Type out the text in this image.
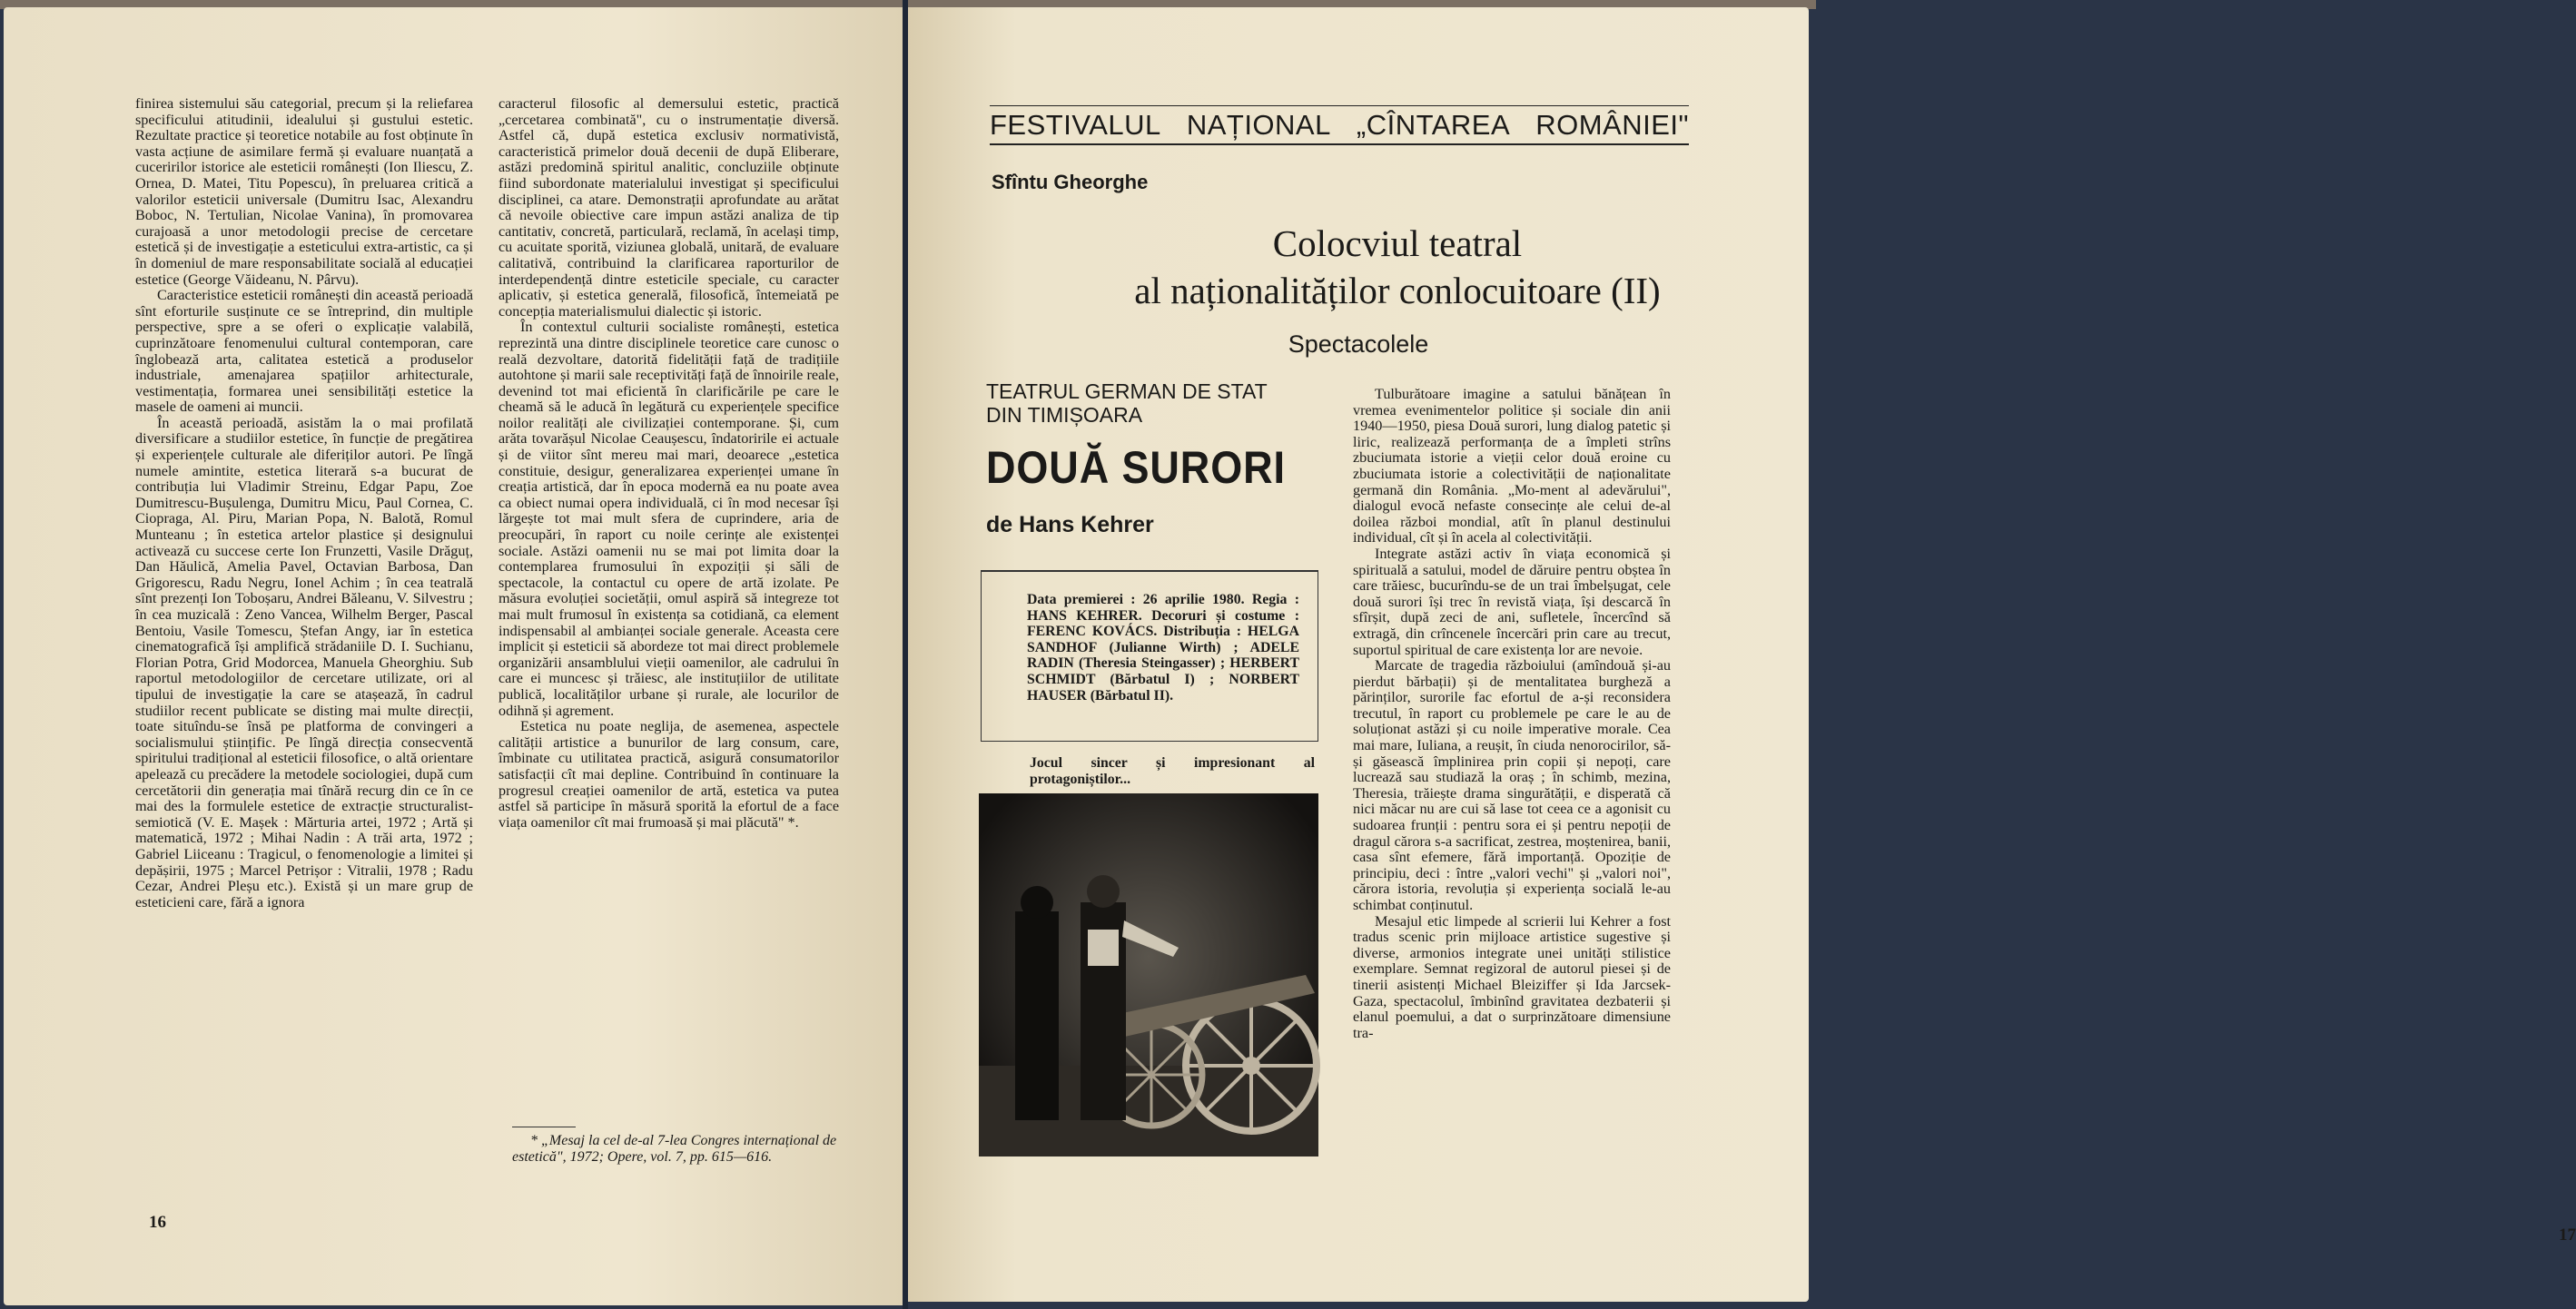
finirea sistemului său categorial, precum și la reliefarea specificului atitudinii, idealului și gustului estetic. Rezultate practice și teoretice notabile au fost obținute în vasta acțiune de asimilare fermă și evaluare nuanțată a cuceririlor istorice ale esteticii românești (Ion Iliescu, Z. Ornea, D. Matei, Titu Popescu), în preluarea critică a valorilor esteticii universale (Dumitru Isac, Alexandru Boboc, N. Tertulian, Nicolae Vanina), în promovarea curajoasă a unor metodologii precise de cercetare estetică și de investigație a esteticului extra-artistic, ca și în domeniul de mare responsabilitate socială al educației estetice (George Văideanu, N. Pârvu).

Caracteristice esteticii românești din această perioadă sînt eforturile susținute ce se întreprind, din multiple perspective, spre a se oferi o explicație valabilă, cuprinzătoare fenomenului cultural contemporan, care înglobează arta, calitatea estetică a produselor industriale, amenajarea spațiilor arhitecturale, vestimentația, formarea unei sensibilități estetice la masele de oameni ai muncii.

În această perioadă, asistăm la o mai profilată diversificare a studiilor estetice, în funcție de pregătirea și experiențele culturale ale diferiților autori. Pe lîngă numele amintite, estetica literară s-a bucurat de contribuția lui Vladimir Streinu, Edgar Papu, Zoe Dumitrescu-Bușulenga, Dumitru Micu, Paul Cornea, C. Ciopraga, Al. Piru, Marian Popa, N. Balotă, Romul Munteanu ; în estetica artelor plastice și designului activează cu succese certe Ion Frunzetti, Vasile Drăguț, Dan Hăulică, Amelia Pavel, Octavian Barbosa, Dan Grigorescu, Radu Negru, Ionel Achim ; în cea teatrală sînt prezenți Ion Toboșaru, Andrei Băleanu, V. Silvestru ; în cea muzicală : Zeno Vancea, Wilhelm Berger, Pascal Bentoiu, Vasile Tomescu, Ștefan Angy, iar în estetica cinematografică își amplifică strădaniile D. I. Suchianu, Florian Potra, Grid Modorcea, Manuela Gheorghiu. Sub raportul metodologiilor de cercetare utilizate, ori al tipului de investigație la care se atașează, în cadrul studiilor recent publicate se disting mai multe direcții, toate situîndu-se însă pe platforma de convingeri a socialismului științific. Pe lîngă direcția consecventă spiritului tradițional al esteticii filosofice, o altă orientare apelează cu precădere la metodele sociologiei, după cum cercetătorii din generația mai tînără recurg din ce în ce mai des la formulele estetice de extracție structuralist-semiotică (V. E. Mașek : Mărturia artei, 1972 ; Artă și matematică, 1972 ; Mihai Nadin : A trăi arta, 1972 ; Gabriel Liiceanu : Tragicul, o fenomenologie a limitei și depășirii, 1975 ; Marcel Petrișor : Vitralii, 1978 ; Radu Cezar, Andrei Pleșu etc.). Există și un mare grup de esteticieni care, fără a ignora

caracterul filosofic al demersului estetic, practică „cercetarea combinată", cu o instrumentație diversă. Astfel că, după estetica exclusiv normativistă, caracteristică primelor două decenii de după Eliberare, astăzi predomină spiritul analitic, concluziile obținute fiind subordonate materialului investigat și specificului disciplinei, ca atare. Demonstrații aprofundate au arătat că nevoile obiective care impun astăzi analiza de tip cantitativ, concretă, particulară, reclamă, în același timp, cu acuitate sporită, viziunea globală, unitară, de evaluare calitativă, contribuind la clarificarea raporturilor de interdependență dintre esteticile speciale, cu caracter aplicativ, și estetica generală, filosofică, întemeiată pe concepția materialismului dialectic și istoric.

În contextul culturii socialiste românești, estetica reprezintă una dintre disciplinele teoretice care cunosc o reală dezvoltare, datorită fidelității față de tradițiile autohtone și marii sale receptivități față de înnoirile reale, devenind tot mai eficientă în clarificările pe care le cheamă să le aducă în legătură cu experiențele specifice noilor realități ale civilizației contemporane. Și, cum arăta tovarășul Nicolae Ceaușescu, îndatoririle ei actuale și de viitor sînt mereu mai mari, deoarece „estetica constituie, desigur, generalizarea experienței umane în creația artistică, dar în epoca modernă ea nu poate avea ca obiect numai opera individuală, ci în mod necesar își lărgește tot mai mult sfera de cuprindere, aria de preocupări, în raport cu noile cerințe ale existenței sociale. Astăzi oamenii nu se mai pot limita doar la contemplarea frumosului în expoziții și săli de spectacole, la contactul cu opere de artă izolate. Pe măsura evoluției societății, omul aspiră să integreze tot mai mult frumosul în existența sa cotidiană, ca element indispensabil al ambianței sociale generale. Aceasta cere implicit și esteticii să abordeze tot mai direct problemele organizării ansamblului vieții oamenilor, ale cadrului în care ei muncesc și trăiesc, ale instituțiilor de utilitate publică, localităților urbane și rurale, ale locurilor de odihnă și agrement.

Estetica nu poate neglija, de asemenea, aspectele calității artistice a bunurilor de larg consum, care, îmbinate cu utilitatea practică, asigură consumatorilor satisfacții cît mai depline. Contribuind în continuare la progresul creației oamenilor de artă, estetica va putea astfel să participe în măsură sporită la efortul de a face viața oamenilor cît mai frumoasă și mai plăcută" *.

* „Mesaj la cel de-al 7-lea Congres internațional de estetică", 1972; Opere, vol. 7, pp. 615—616.
16
FESTIVALUL NAȚIONAL „CÎNTAREA ROMÂNIEI"
Sfîntu Gheorghe
Colocviul teatral
al naționalităților conlocuitoare (II)
Spectacolele
TEATRUL GERMAN DE STAT DIN TIMIȘOARA
DOUĂ SURORI
de Hans Kehrer
Data premierei : 26 aprilie 1980. Regia : HANS KEHRER. Decoruri și costume : FERENC KOVÁCS. Distribuția : HELGA SANDHOF (Julianne Wirth) ; ADELE RADIN (Theresia Steingasser) ; HERBERT SCHMIDT (Bărbatul I) ; NORBERT HAUSER (Bărbatul II).
Jocul sincer și impresionant al protagoniștilor...

Tulburătoare imagine a satului bănățean în vremea evenimentelor politice și sociale din anii 1940—1950, piesa Două surori, lung dialog patetic și liric, realizează performanța de a împleti strîns zbuciumata istorie a vieții celor două eroine cu zbuciumata istorie a colectivității de naționalitate germană din România. „Mo-ment al adevărului", dialogul evocă nefaste consecințe ale celui de-al doilea război mondial, atît în planul destinului individual, cît și în acela al colectivității.

Integrate astăzi activ în viața economică și spirituală a satului, model de dăruire pentru obștea în care trăiesc, bucurîndu-se de un trai îmbelșugat, cele două surori își trec în revistă viața, își descarcă în sfîrșit, după zeci de ani, sufletele, încercînd să extragă, din crîncenele încercări prin care au trecut, suportul spiritual de care existența lor are nevoie.

Marcate de tragedia războiului (amîndouă și-au pierdut bărbații) și de mentalitatea burgheză a părinților, surorile fac efortul de a-și reconsidera trecutul, în raport cu problemele pe care le au de soluționat astăzi și cu noile imperative morale. Cea mai mare, Iuliana, a reușit, în ciuda nenorocirilor, să-și găsească împlinirea prin copii și nepoți, care lucrează sau studiază la oraș ; în schimb, mezina, Theresia, trăiește drama singurătății, e disperată că nici măcar nu are cui să lase tot ceea ce a agonisit cu sudoarea frunții : pentru sora ei și pentru nepoții de dragul cărora s-a sacrificat, zestrea, moștenirea, banii, casa sînt efemere, fără importanță. Opoziție de principiu, deci : între „valori vechi" și „valori noi", cărora istoria, revoluția și experiența socială le-au schimbat conținutul.

Mesajul etic limpede al scrierii lui Kehrer a fost tradus scenic prin mijloace artistice sugestive și diverse, armonios integrate unei unități stilistice exemplare. Semnat regizoral de autorul piesei și de tinerii asistenți Michael Bleiziffer și Ida Jarcsek-Gaza, spectacolul, îmbinînd gravitatea dezbaterii și elanul poemului, a dat o surprinzătoare dimensiune tra-

17
